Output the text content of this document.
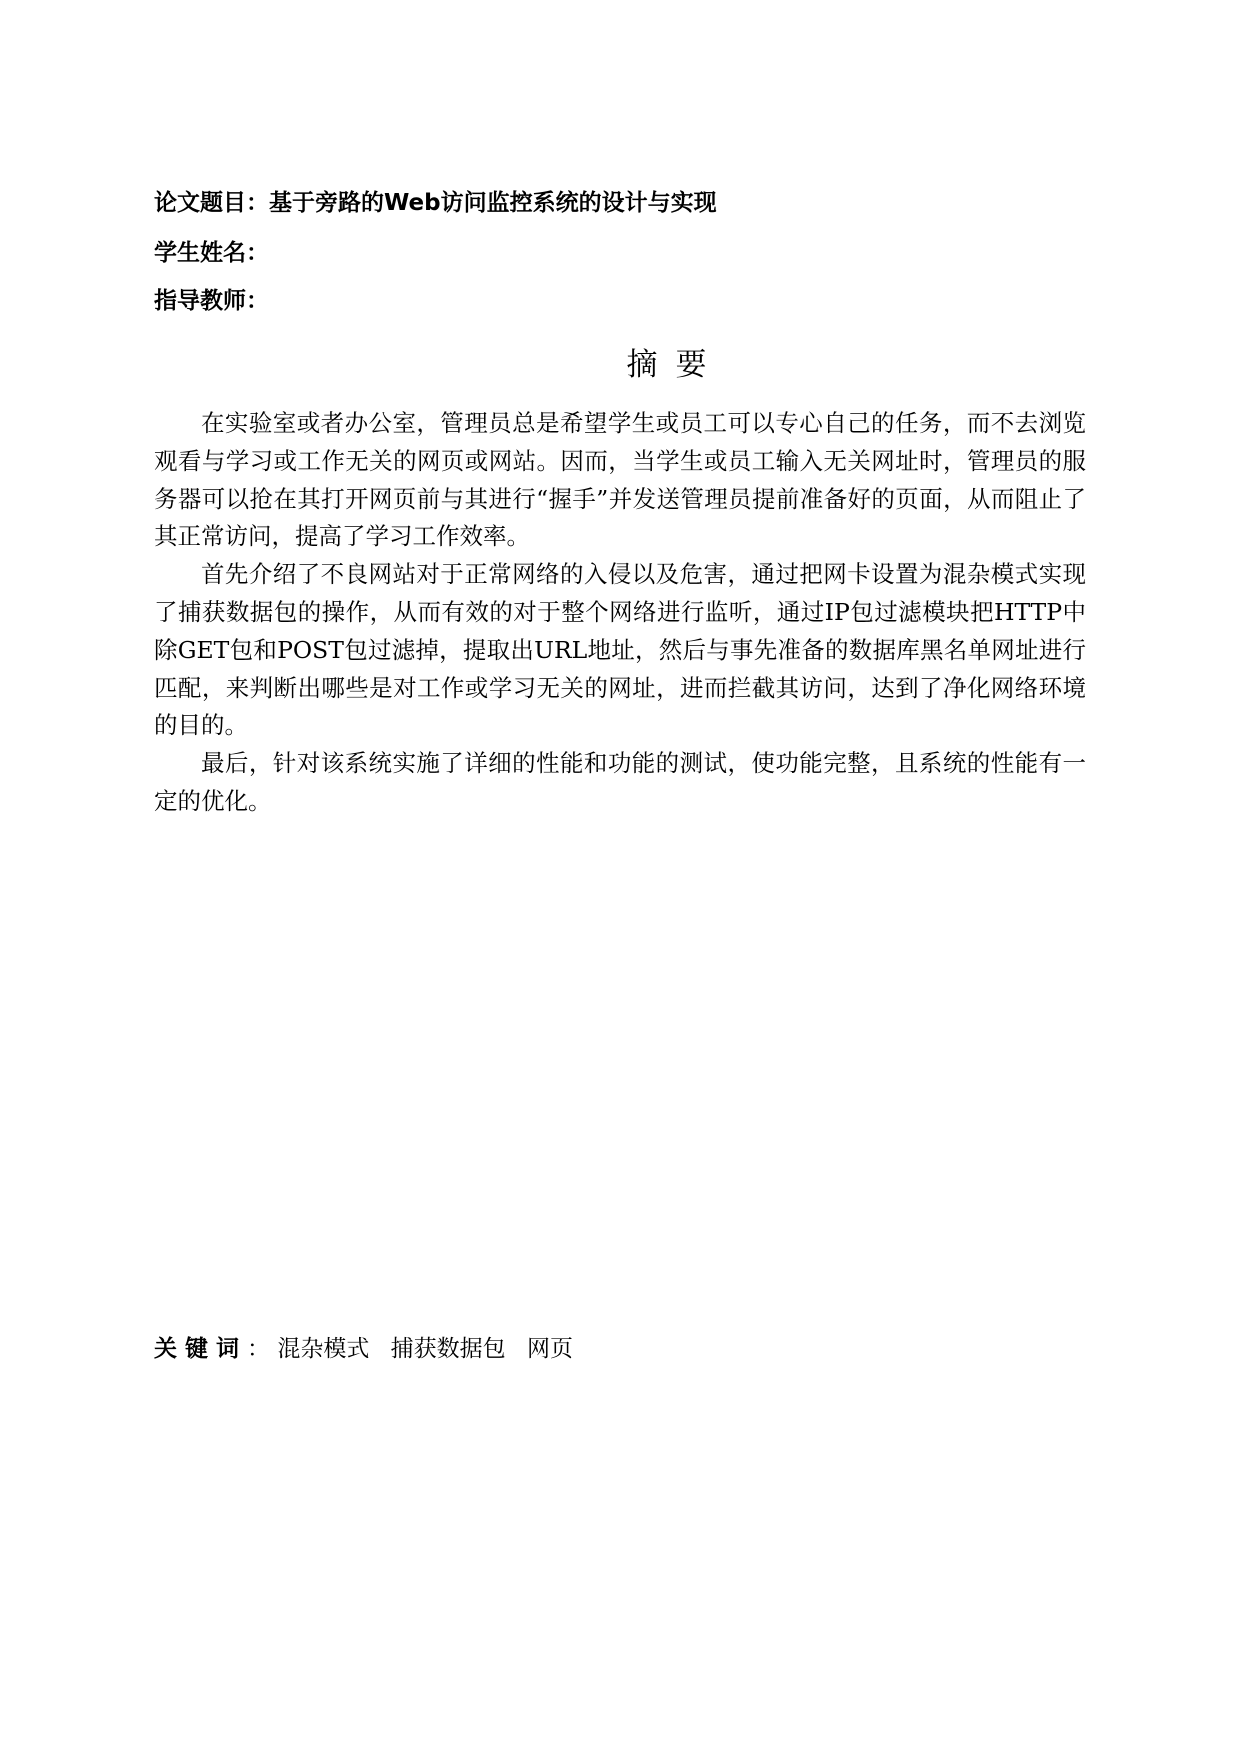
论文题目：基于旁路的Web访问监控系统的设计与实现
学生姓名：
指导教师：
摘要

在实验室或者办公室，管理员总是希望学生或员工可以专心自己的任务，而不去浏览观看与学习或工作无关的网页或网站。因而，当学生或员工输入无关网址时，管理员的服务器可以抢在其打开网页前与其进行“握手”并发送管理员提前准备好的页面，从而阻止了其正常访问，提高了学习工作效率。

首先介绍了不良网站对于正常网络的入侵以及危害，通过把网卡设置为混杂模式实现了捕获数据包的操作，从而有效的对于整个网络进行监听，通过IP包过滤模块把HTTP中除GET包和POST包过滤掉，提取出URL地址，然后与事先准备的数据库黑名单网址进行匹配，来判断出哪些是对工作或学习无关的网址，进而拦截其访问，达到了净化网络环境的目的。

最后，针对该系统实施了详细的性能和功能的测试，使功能完整，且系统的性能有一定的优化。

关键词： 混杂模式 捕获数据包 网页
